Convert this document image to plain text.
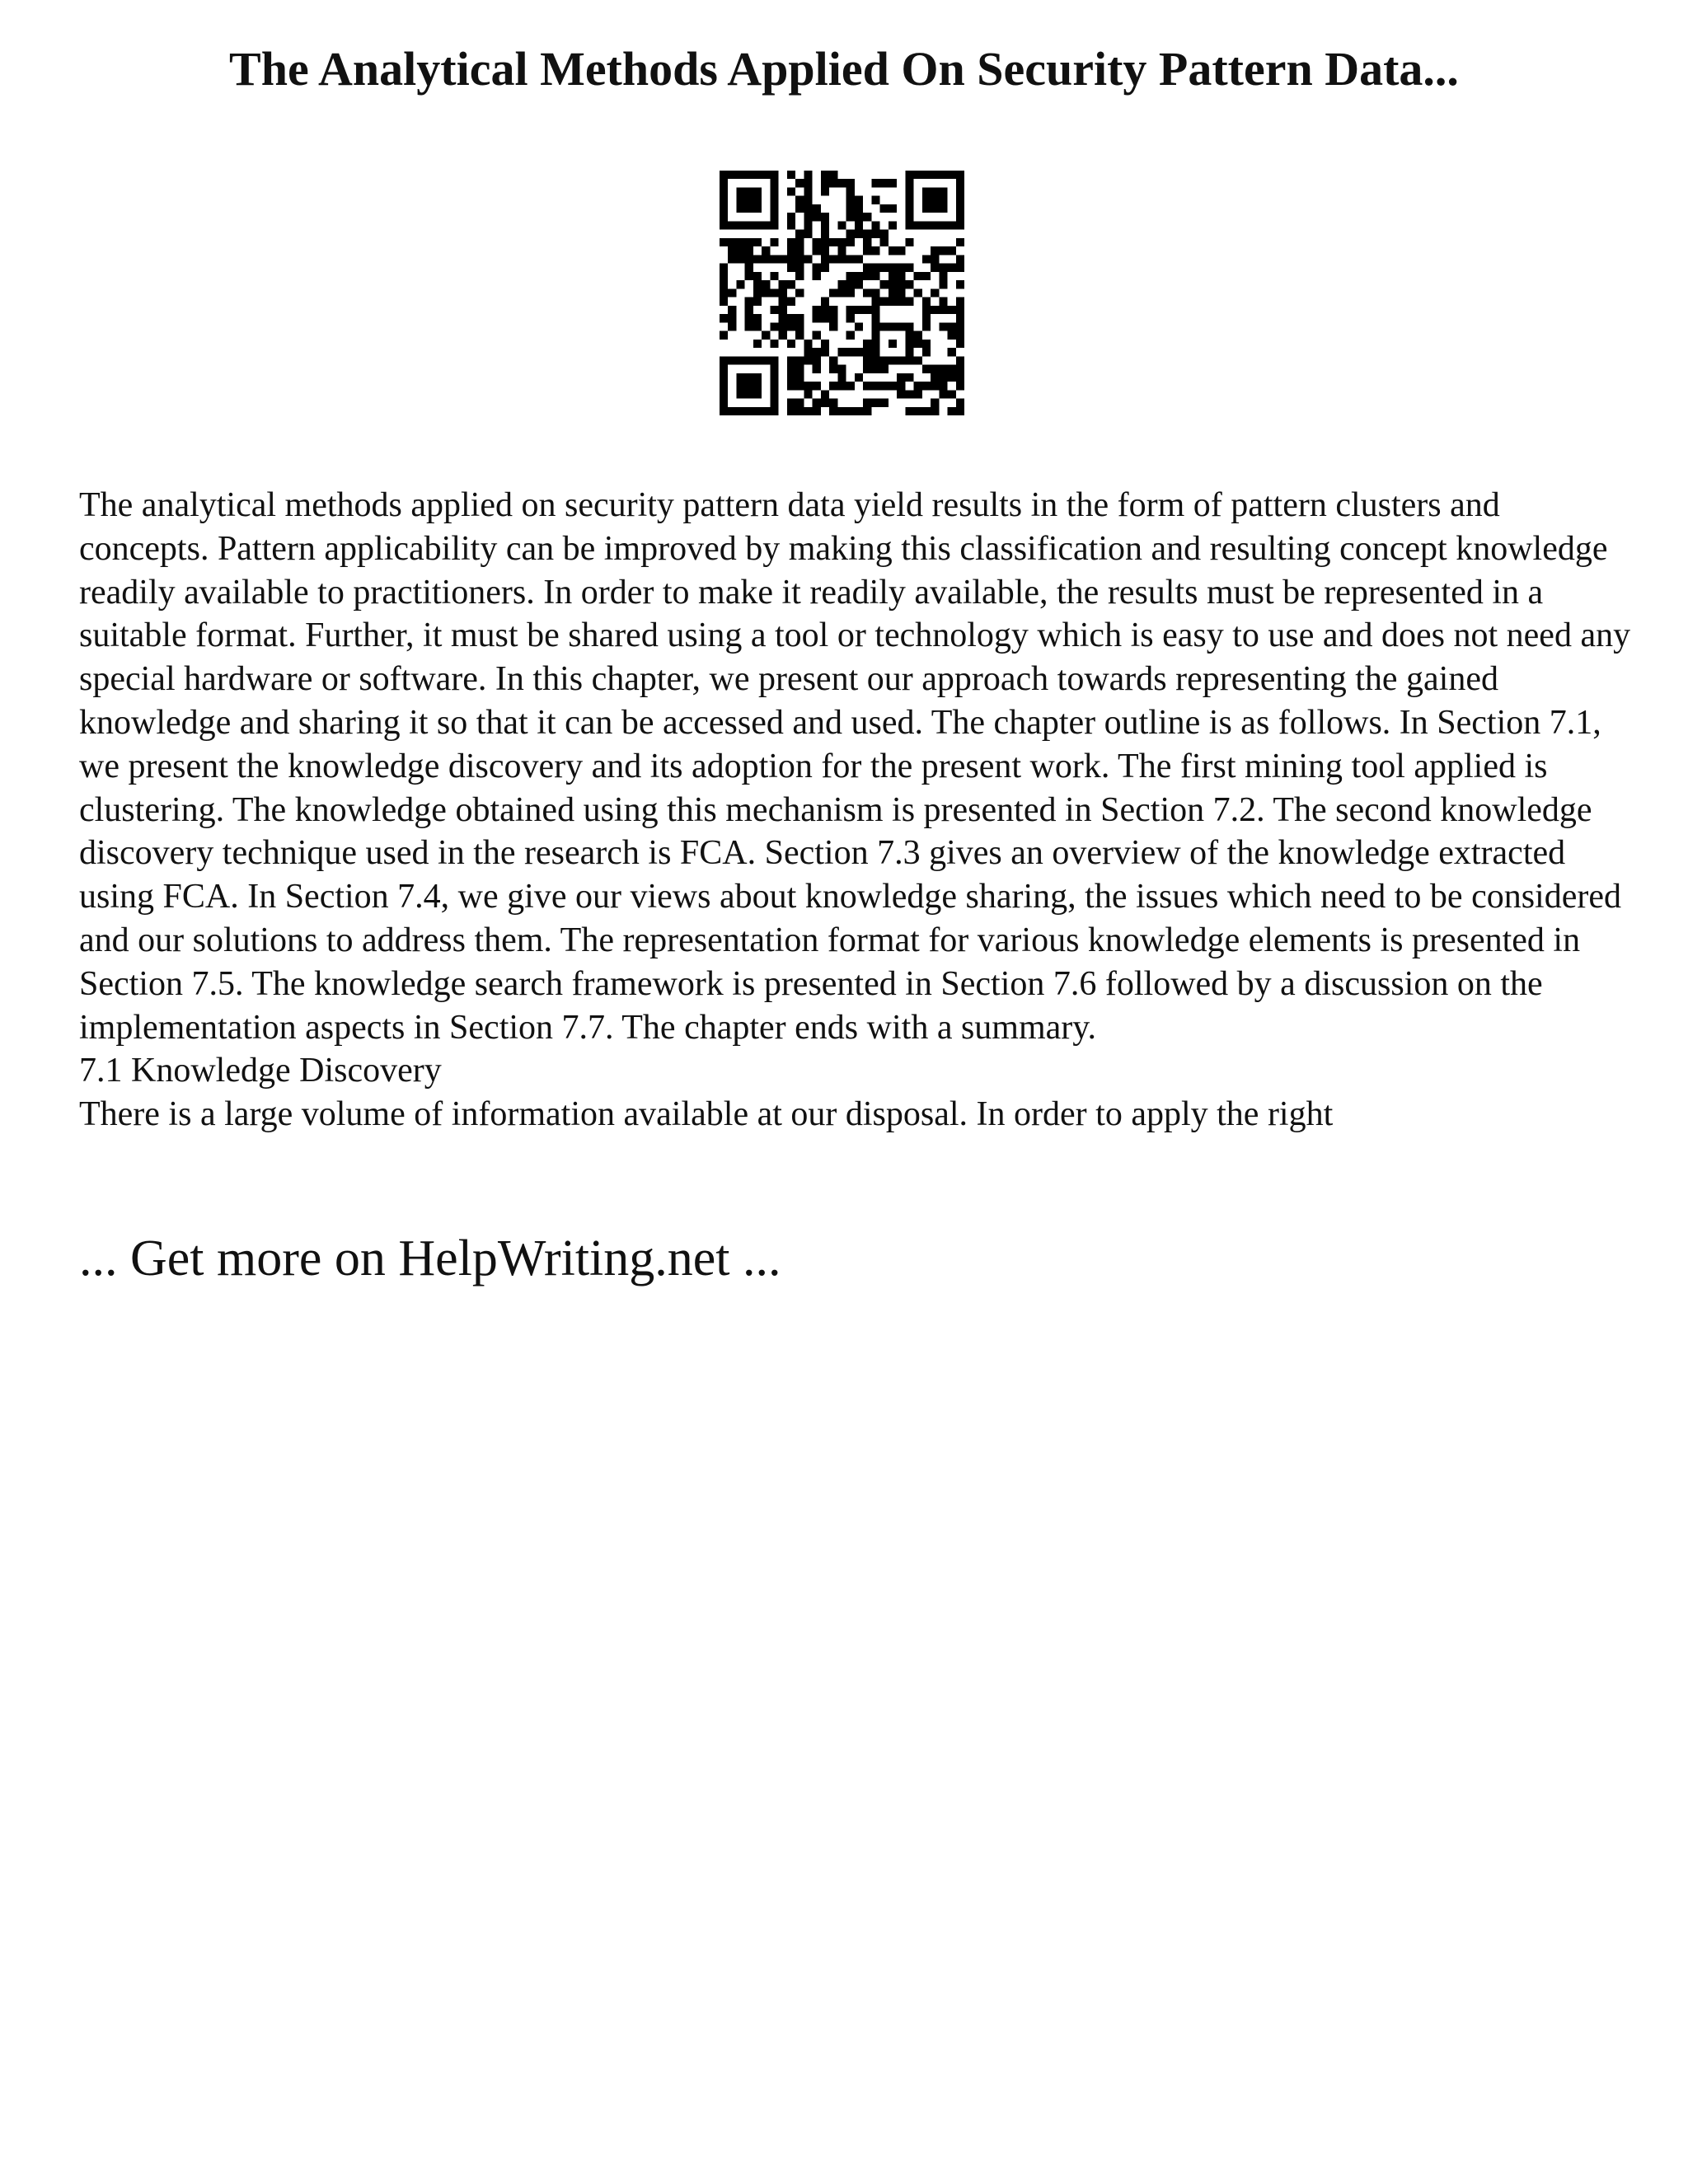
The Analytical Methods Applied On Security Pattern Data...

The analytical methods applied on security pattern data yield results in the form of pattern clusters and concepts. Pattern applicability can be improved by making this classification and resulting concept knowledge readily available to practitioners. In order to make it readily available, the results must be represented in a suitable format. Further, it must be shared using a tool or technology which is easy to use and does not need any special hardware or software. In this chapter, we present our approach towards representing the gained knowledge and sharing it so that it can be accessed and used. The chapter outline is as follows. In Section 7.1, we present the knowledge discovery and its adoption for the present work. The first mining tool applied is clustering. The knowledge obtained using this mechanism is presented in Section 7.2. The second knowledge discovery technique used in the research is FCA. Section 7.3 gives an overview of the knowledge extracted using FCA. In Section 7.4, we give our views about knowledge sharing, the issues which need to be considered and our solutions to address them. The representation format for various knowledge elements is presented in Section 7.5. The knowledge search framework is presented in Section 7.6 followed by a discussion on the implementation aspects in Section 7.7. The chapter ends with a summary.

7.1 Knowledge Discovery

There is a large volume of information available at our disposal. In order to apply the right

... Get more on HelpWriting.net ...
